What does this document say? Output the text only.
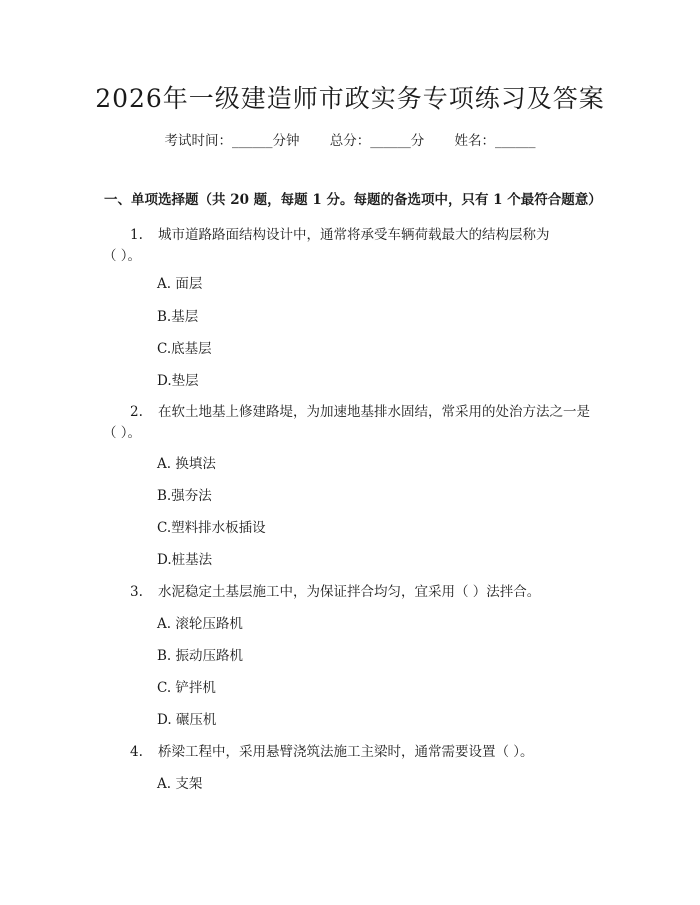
2026年一级建造师市政实务专项练习及答案
考试时间：______分钟 总分：______分 姓名：______
一、单项选择题（共 20 题，每题 1 分。每题的备选项中，只有 1 个最符合题意）
1. 城市道路路面结构设计中，通常将承受车辆荷载最大的结构层称为
（ ）。
A. 面层
B.基层
C.底基层
D.垫层
2. 在软土地基上修建路堤，为加速地基排水固结，常采用的处治方法之一是
（ ）。
A. 换填法
B.强夯法
C.塑料排水板插设
D.桩基法
3. 水泥稳定土基层施工中，为保证拌合均匀，宜采用（ ）法拌合。
A. 滚轮压路机
B. 振动压路机
C. 铲拌机
D. 碾压机
4. 桥梁工程中，采用悬臂浇筑法施工主梁时，通常需要设置（ ）。
A. 支架
